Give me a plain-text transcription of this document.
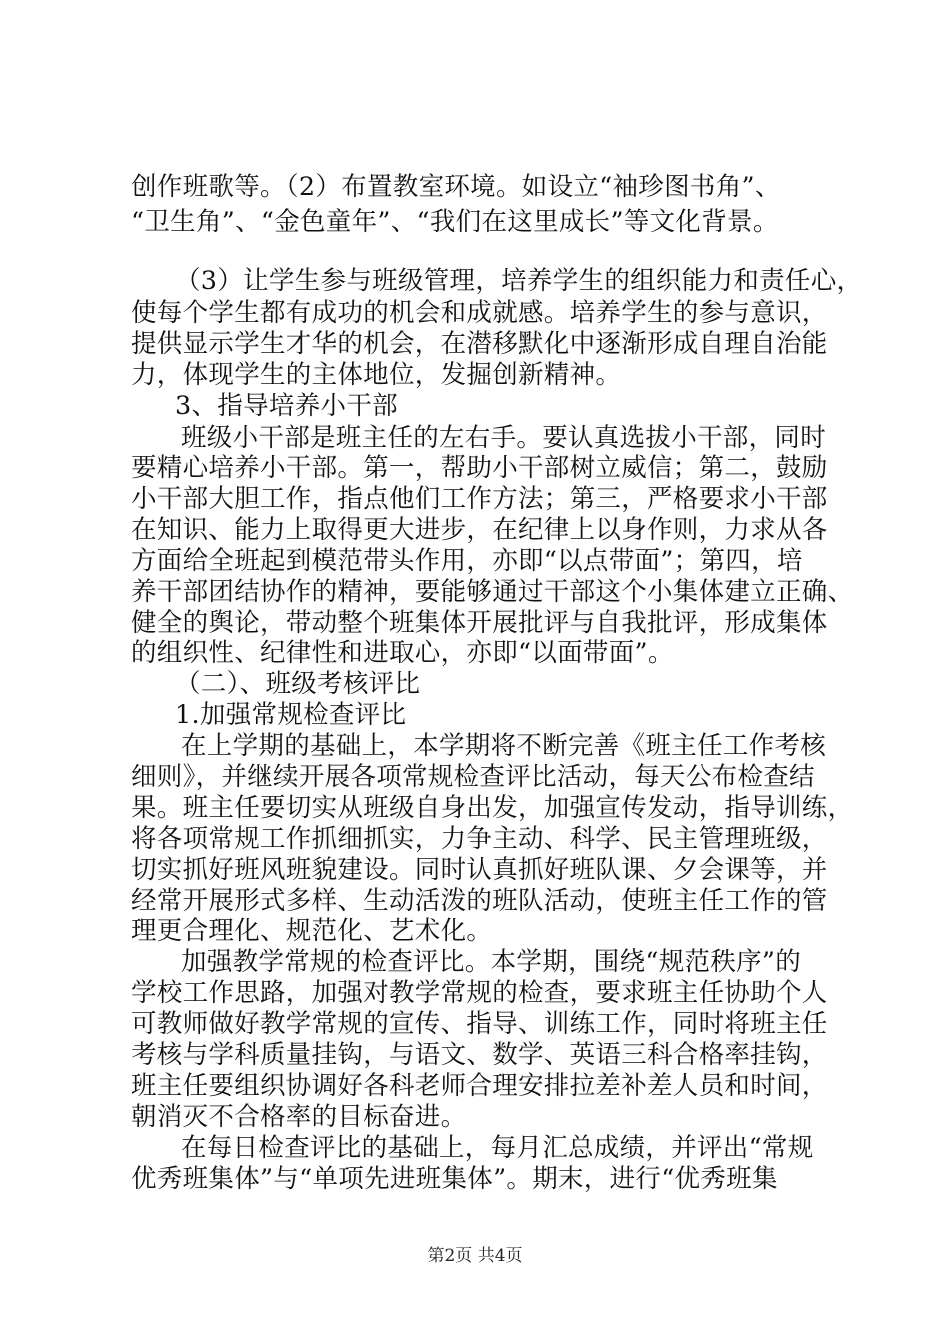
创作班歌等。（2）布置教室环境。如设立“袖珍图书角”、
“卫生角”、“金色童年”、“我们在这里成长”等文化背景。
（3）让学生参与班级管理，培养学生的组织能力和责任心，
使每个学生都有成功的机会和成就感。培养学生的参与意识，
提供显示学生才华的机会，在潜移默化中逐渐形成自理自治能
力，体现学生的主体地位，发掘创新精神。
3、指导培养小干部
班级小干部是班主任的左右手。要认真选拔小干部，同时
要精心培养小干部。第一，帮助小干部树立威信；第二，鼓励
小干部大胆工作，指点他们工作方法；第三，严格要求小干部
在知识、能力上取得更大进步，在纪律上以身作则，力求从各
方面给全班起到模范带头作用，亦即“以点带面”；第四，培
养干部团结协作的精神，要能够通过干部这个小集体建立正确、
健全的舆论，带动整个班集体开展批评与自我批评，形成集体
的组织性、纪律性和进取心，亦即“以面带面”。
（二）、班级考核评比
1.加强常规检查评比
在上学期的基础上，本学期将不断完善《班主任工作考核
细则》，并继续开展各项常规检查评比活动，每天公布检查结
果。班主任要切实从班级自身出发，加强宣传发动，指导训练，
将各项常规工作抓细抓实，力争主动、科学、民主管理班级，
切实抓好班风班貌建设。同时认真抓好班队课、夕会课等，并
经常开展形式多样、生动活泼的班队活动，使班主任工作的管
理更合理化、规范化、艺术化。
加强教学常规的检查评比。本学期，围绕“规范秩序”的
学校工作思路，加强对教学常规的检查，要求班主任协助个人
可教师做好教学常规的宣传、指导、训练工作，同时将班主任
考核与学科质量挂钩，与语文、数学、英语三科合格率挂钩，
班主任要组织协调好各科老师合理安排拉差补差人员和时间，
朝消灭不合格率的目标奋进。
在每日检查评比的基础上，每月汇总成绩，并评出“常规
优秀班集体”与“单项先进班集体”。期末，进行“优秀班集
第2页 共4页
